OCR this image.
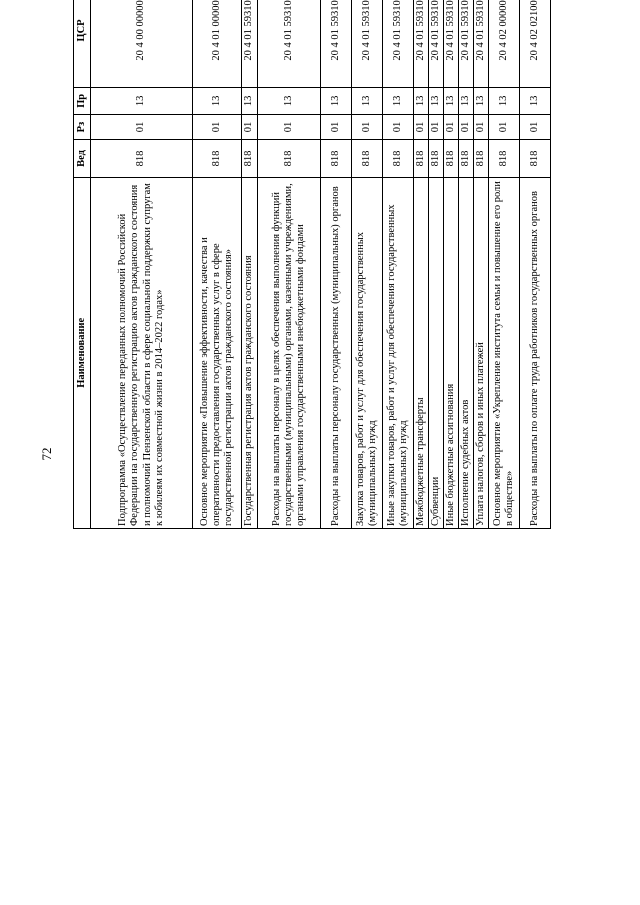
72
Наименование	Вед	Рз	Пр	ЦСР			
Подпрограмма «Осуществление переданных полномочий Российской Федерации на государственную регистрацию актов гражданского состояния и полномочий Пензенской области в сфере социальной поддержки супругам к юбилеям их совместной жизни в 2014–2022 годах»	818	01	13	20 4 00 00000			
Основное мероприятие «Повышение эффективности, качества и оперативности предоставления государственных услуг в сфере государственной регистрации актов гражданского состояния»	818	01	13	20 4 01 00000			
Государственная регистрация актов гражданского состояния	818	01	13	20 4 01 59310			
Расходы на выплаты персоналу в целях обеспечения выполнения функций государственными (муниципальными) органами, казенными учреждениями, органами управления государственными внебюджетными фондами	818	01	13	20 4 01 59310			
Расходы на выплаты персоналу государственных (муниципальных) органов	818	01	13	20 4 01 59310			
Закупка товаров, работ и услуг для обеспечения государственных (муниципальных) нужд	818	01	13	20 4 01 59310			
Иные закупки товаров, работ и услуг для обеспечения государственных (муниципальных) нужд	818	01	13	20 4 01 59310			
Межбюджетные трансферты	818	01	13	20 4 01 59310			
Субвенции	818	01	13	20 4 01 59310			
Иные бюджетные ассигнования	818	01	13	20 4 01 59310			
Исполнение судебных актов	818	01	13	20 4 01 59310			
Уплата налогов, сборов и иных платежей	818	01	13	20 4 01 59310			
Основное мероприятие «Укрепление института семьи и повышение его роли в обществе»	818	01	13	20 4 02 00000			
Расходы на выплаты по оплате труда работников государственных органов	818	01	13	20 4 02 02100			
